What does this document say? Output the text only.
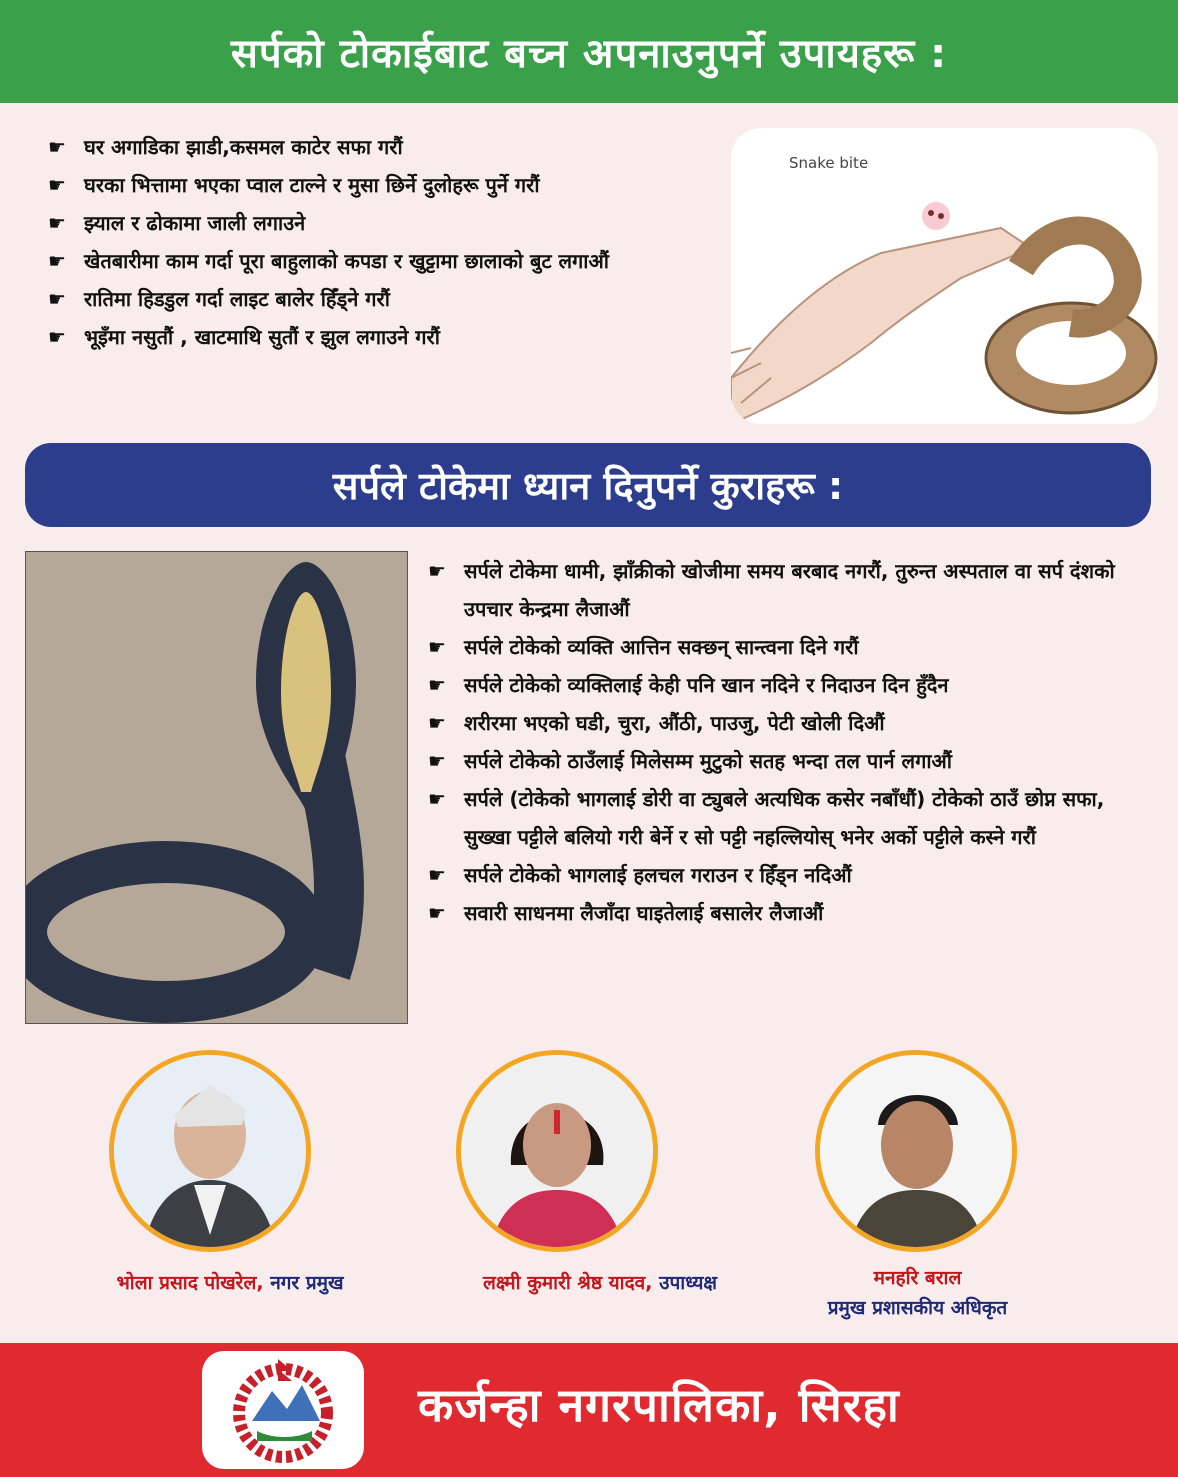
सर्पको टोकाईबाट बच्न अपनाउनुपर्ने उपायहरू :
☛ घर अगाडिका झाडी,कसमल काटेर सफा गरौं
☛ घरका भित्तामा भएका प्वाल टाल्ने र मुसा छिर्ने दुलोहरू पुर्ने गरौं
☛ झ्याल र ढोकामा जाली लगाउने
☛ खेतबारीमा काम गर्दा पूरा बाहुलाको कपडा र खुट्टामा छालाको बुट लगाऔं
☛ रातिमा हिडडुल गर्दा लाइट बालेर हिँड्ने गरौं
☛ भूइँमा नसुतौं , खाटमाथि सुतौं र झुल लगाउने गरौं
Snake bite
सर्पले टोकेमा ध्यान दिनुपर्ने कुराहरू :
☛ सर्पले टोकेमा धामी, झाँक्रीको खोजीमा समय बरबाद नगरौं, तुरुन्त अस्पताल वा सर्प दंशको उपचार केन्द्रमा लैजाऔं
☛ सर्पले टोकेको व्यक्ति आत्तिन सक्छन् सान्त्वना दिने गरौं
☛ सर्पले टोकेको व्यक्तिलाई केही पनि खान नदिने र निदाउन दिन हुँदैन
☛ शरीरमा भएको घडी, चुरा, औंठी, पाउजु, पेटी खोली दिऔं
☛ सर्पले टोकेको ठाउँलाई मिलेसम्म मुटुको सतह भन्दा तल पार्न लगाऔं
☛ सर्पले (टोकेको भागलाई डोरी वा ट्युबले अत्यधिक कसेर नबाँधौं) टोकेको ठाउँ छोप्न सफा, सुख्खा पट्टीले बलियो गरी बेर्ने र सो पट्टी नहल्लियोस् भनेर अर्को पट्टीले कस्ने गरौं
☛ सर्पले टोकेको भागलाई हलचल गराउन र हिँड्न नदिऔं
☛ सवारी साधनमा लैजाँदा घाइतेलाई बसालेर लैजाऔं
भोला प्रसाद पोखरेल, नगर प्रमुख	लक्ष्मी कुमारी श्रेष्ठ यादव, उपाध्यक्ष	मनहरि बराल
प्रमुख प्रशासकीय अधिकृत
कर्जन्हा नगरपालिका, सिरहा
